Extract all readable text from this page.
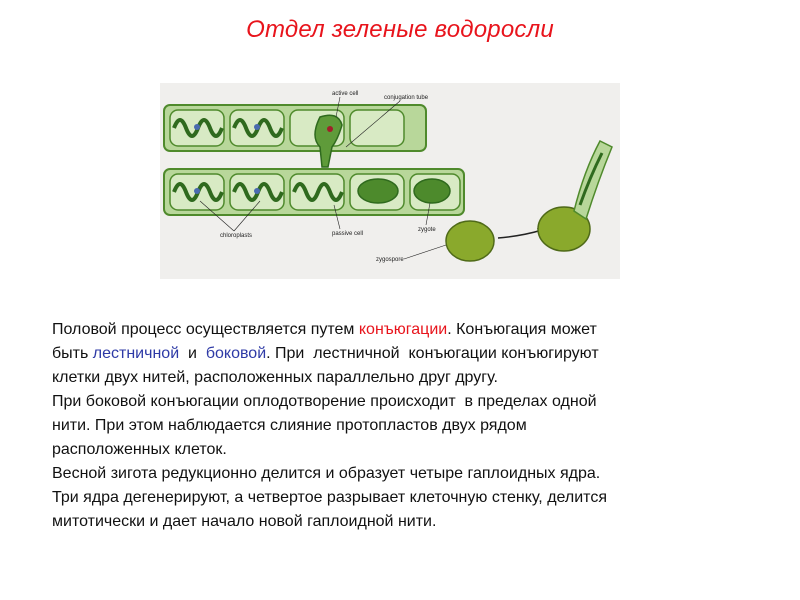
Отдел зеленые водоросли
active cell
conjugation tube
chloroplasts	passive cell
zygote
zygospore

Половой процесс осуществляется путем конъюгации. Конъюгация может

быть лестничной  и  боковой. При  лестничной  конъюгации конъюгируют

клетки двух нитей, расположенных параллельно друг другу.

При боковой конъюгации оплодотворение происходит  в пределах одной

нити. При этом наблюдается слияние протопластов двух рядом

расположенных клеток.

Весной зигота редукционно делится и образует четыре гаплоидных ядра.

Три ядра дегенерируют, а четвертое разрывает клеточную стенку, делится

митотически и дает начало новой гаплоидной нити.
